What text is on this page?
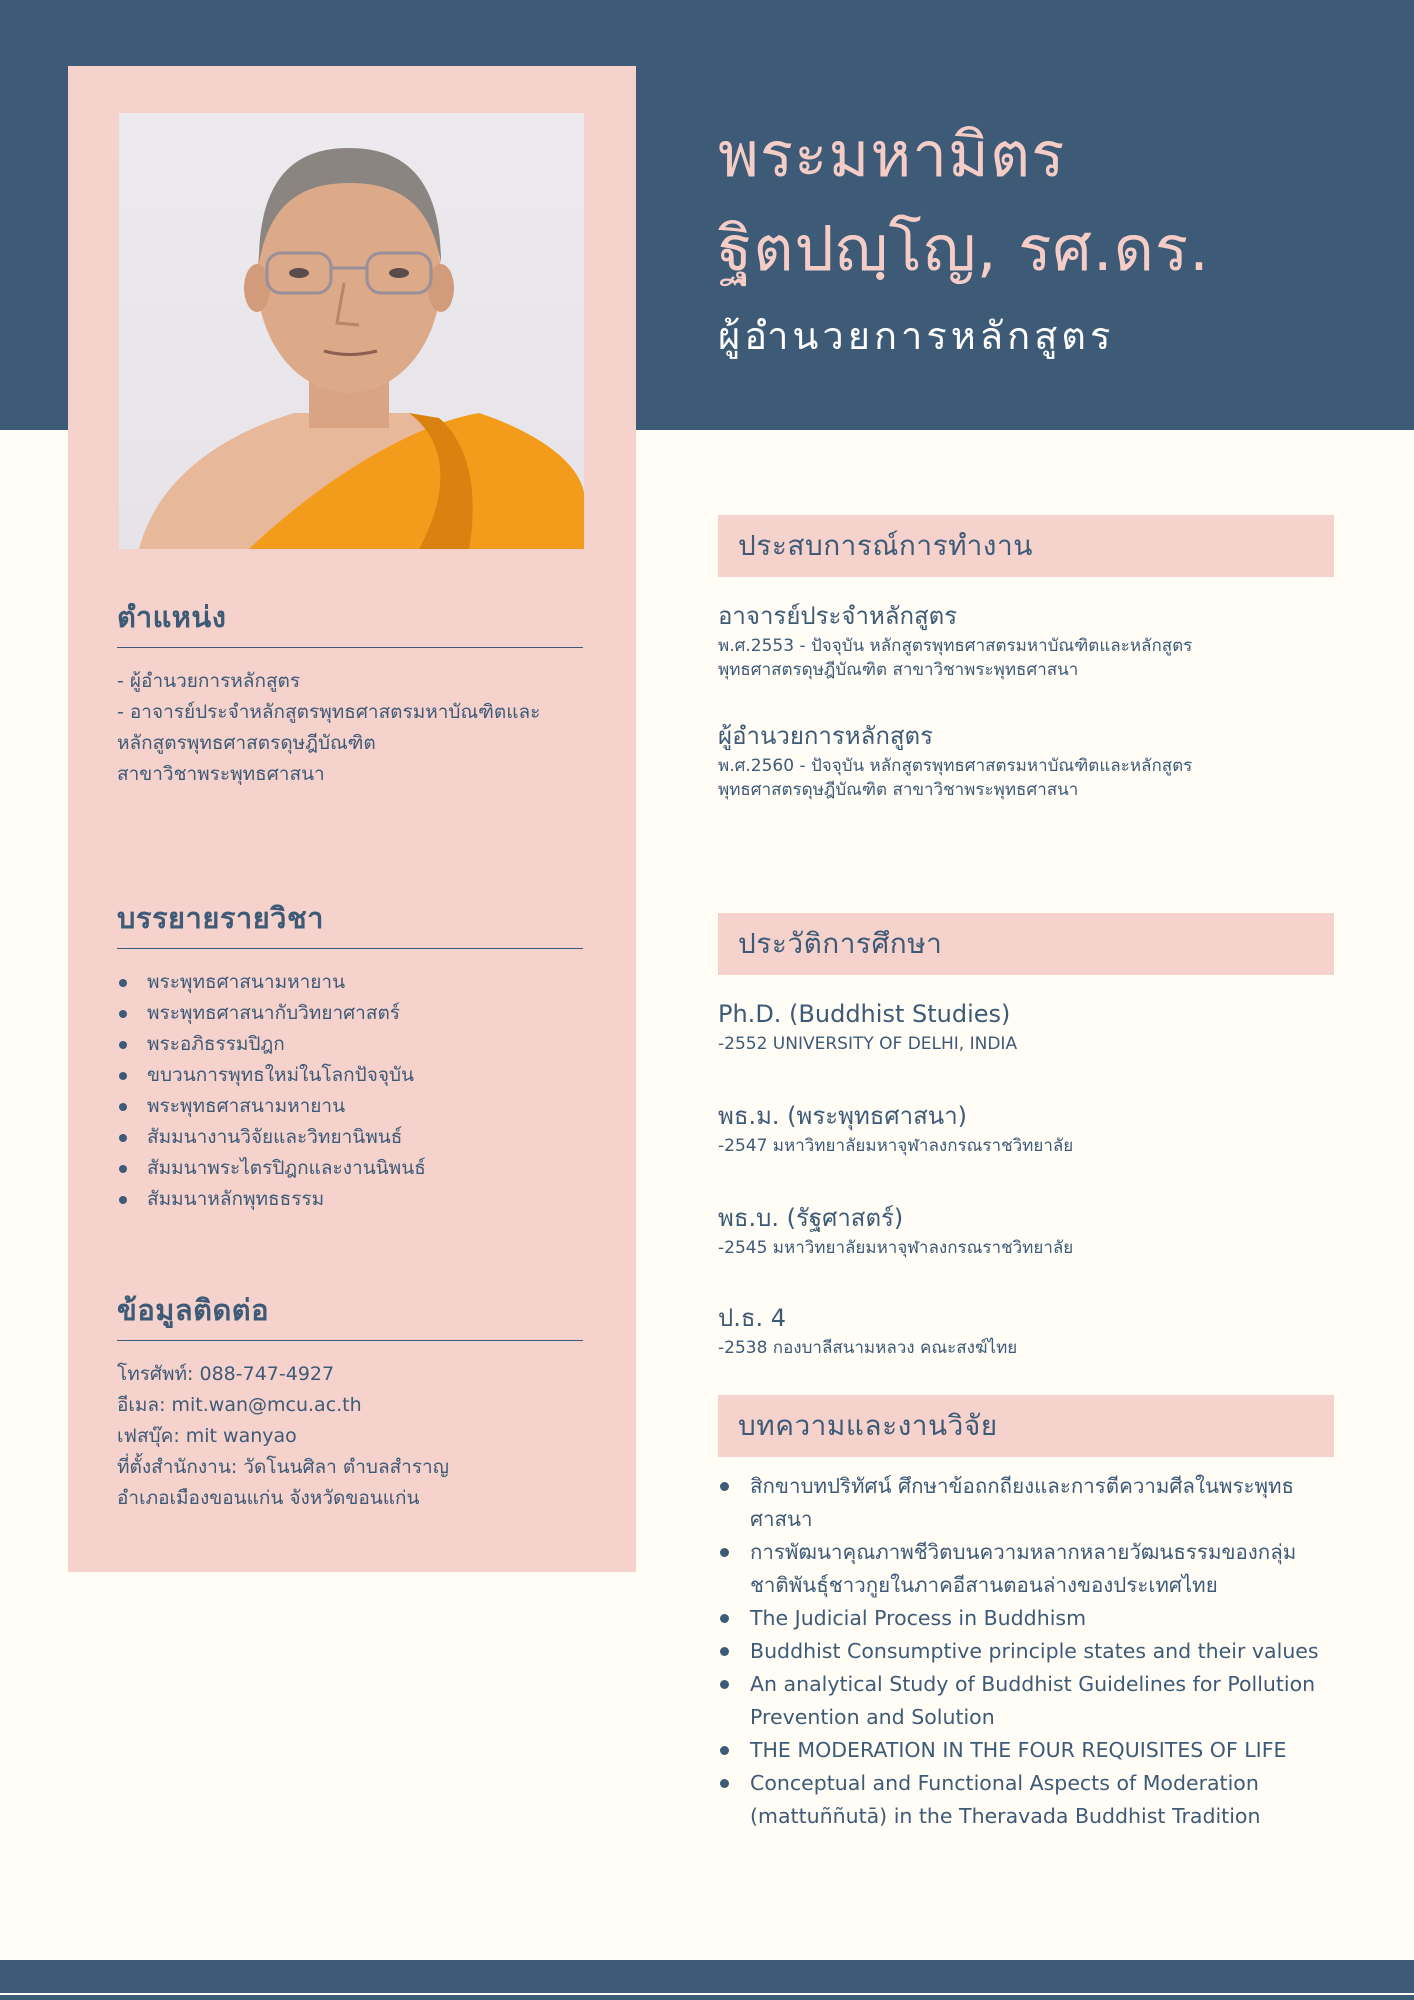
ตำแหน่ง

- ผู้อำนวยการหลักสูตร

- อาจารย์ประจำหลักสูตรพุทธศาสตรมหาบัณฑิตและ

หลักสูตรพุทธศาสตรดุษฎีบัณฑิต

สาขาวิชาพระพุทธศาสนา

บรรยายรายวิชา
พระพุทธศาสนามหายาน
พระพุทธศาสนากับวิทยาศาสตร์
พระอภิธรรมปิฎก
ขบวนการพุทธใหม่ในโลกปัจจุบัน
พระพุทธศาสนามหายาน
สัมมนางานวิจัยและวิทยานิพนธ์
สัมมนาพระไตรปิฎกและงานนิพนธ์
สัมมนาหลักพุทธธรรม
ข้อมูลติดต่อ

โทรศัพท์: 088-747-4927

อีเมล: mit.wan@mcu.ac.th

เฟสบุ๊ค: mit wanyao

ที่ตั้งสำนักงาน: วัดโนนศิลา ตำบลสำราญ

อำเภอเมืองขอนแก่น จังหวัดขอนแก่น

พระมหามิตร
ฐิตปญฺโญ, รศ.ดร.
ผู้อำนวยการหลักสูตร
ประสบการณ์การทำงาน

อาจารย์ประจำหลักสูตร

พ.ศ.2553 - ปัจจุบัน หลักสูตรพุทธศาสตรมหาบัณฑิตและหลักสูตร

พุทธศาสตรดุษฎีบัณฑิต สาขาวิชาพระพุทธศาสนา

ผู้อำนวยการหลักสูตร

พ.ศ.2560 - ปัจจุบัน หลักสูตรพุทธศาสตรมหาบัณฑิตและหลักสูตร

พุทธศาสตรดุษฎีบัณฑิต สาขาวิชาพระพุทธศาสนา

ประวัติการศึกษา

Ph.D. (Buddhist Studies)

-2552 UNIVERSITY OF DELHI, INDIA

พธ.ม. (พระพุทธศาสนา)

-2547 มหาวิทยาลัยมหาจุฬาลงกรณราชวิทยาลัย

พธ.บ. (รัฐศาสตร์)

-2545 มหาวิทยาลัยมหาจุฬาลงกรณราชวิทยาลัย

ป.ธ. 4

-2538 กองบาลีสนามหลวง คณะสงฆ์ไทย

บทความและงานวิจัย
สิกขาบทปริทัศน์ ศึกษาข้อถกถียงและการตีความศีลในพระพุทธศาสนา
การพัฒนาคุณภาพชีวิตบนความหลากหลายวัฒนธรรมของกลุ่มชาติพันธุ์ชาวกูยในภาคอีสานตอนล่างของประเทศไทย
The Judicial Process in Buddhism
Buddhist Consumptive principle states and their values
An analytical Study of Buddhist Guidelines for Pollution Prevention and Solution
THE MODERATION IN THE FOUR REQUISITES OF LIFE
Conceptual and Functional Aspects of Moderation (mattuññutā) in the Theravada Buddhist Tradition
